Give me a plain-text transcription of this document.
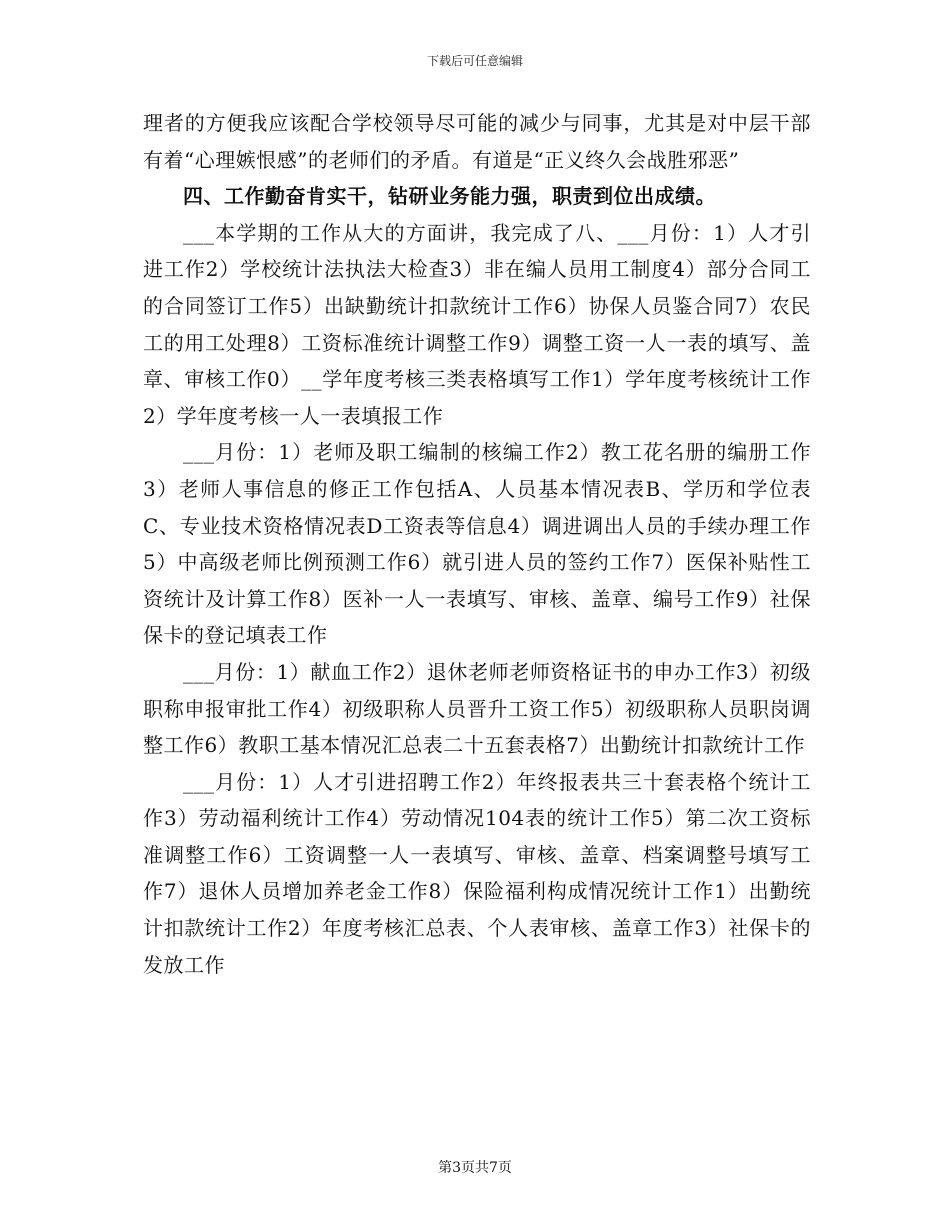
下载后可任意编辑

理者的方便我应该配合学校领导尽可能的减少与同事，尤其是对中层干部有着“心理嫉恨感”的老师们的矛盾。有道是“正义终久会战胜邪恶”

四、工作勤奋肯实干，钻研业务能力强，职责到位出成绩。

___本学期的工作从大的方面讲，我完成了八、___月份：1）人才引进工作2）学校统计法执法大检查3）非在编人员用工制度4）部分合同工的合同签订工作5）出缺勤统计扣款统计工作6）协保人员鉴合同7）农民工的用工处理8）工资标准统计调整工作9）调整工资一人一表的填写、盖章、审核工作0）__学年度考核三类表格填写工作1）学年度考核统计工作2）学年度考核一人一表填报工作

___月份：1）老师及职工编制的核编工作2）教工花名册的编册工作3）老师人事信息的修正工作包括A、人员基本情况表B、学历和学位表C、专业技术资格情况表D工资表等信息4）调进调出人员的手续办理工作5）中高级老师比例预测工作6）就引进人员的签约工作7）医保补贴性工资统计及计算工作8）医补一人一表填写、审核、盖章、编号工作9）社保保卡的登记填表工作

___月份：1）献血工作2）退休老师老师资格证书的申办工作3）初级职称申报审批工作4）初级职称人员晋升工资工作5）初级职称人员职岗调整工作6）教职工基本情况汇总表二十五套表格7）出勤统计扣款统计工作

___月份：1）人才引进招聘工作2）年终报表共三十套表格个统计工作3）劳动福利统计工作4）劳动情况104表的统计工作5）第二次工资标准调整工作6）工资调整一人一表填写、审核、盖章、档案调整号填写工作7）退休人员增加养老金工作8）保险福利构成情况统计工作1）出勤统计扣款统计工作2）年度考核汇总表、个人表审核、盖章工作3）社保卡的发放工作

第3页共7页
